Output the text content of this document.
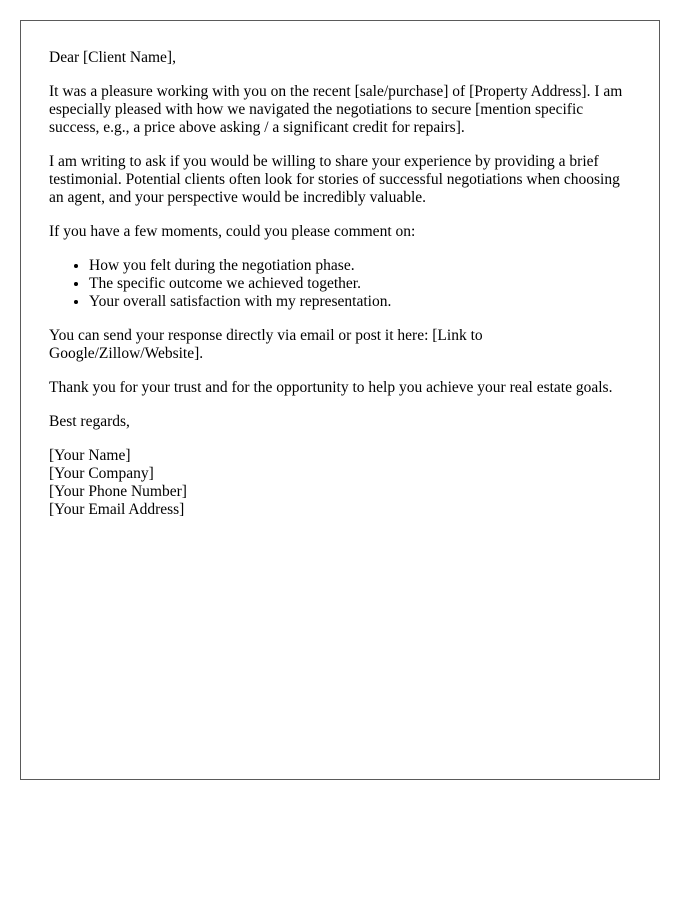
Dear [Client Name],

It was a pleasure working with you on the recent [sale/purchase] of [Property Address]. I am especially pleased with how we navigated the negotiations to secure [mention specific success, e.g., a price above asking / a significant credit for repairs].

I am writing to ask if you would be willing to share your experience by providing a brief testimonial. Potential clients often look for stories of successful negotiations when choosing an agent, and your perspective would be incredibly valuable.

If you have a few moments, could you please comment on:

• How you felt during the negotiation phase.
• The specific outcome we achieved together.
• Your overall satisfaction with my representation.

You can send your response directly via email or post it here: [Link to Google/Zillow/Website].

Thank you for your trust and for the opportunity to help you achieve your real estate goals.

Best regards,

[Your Name]
[Your Company]
[Your Phone Number]
[Your Email Address]
